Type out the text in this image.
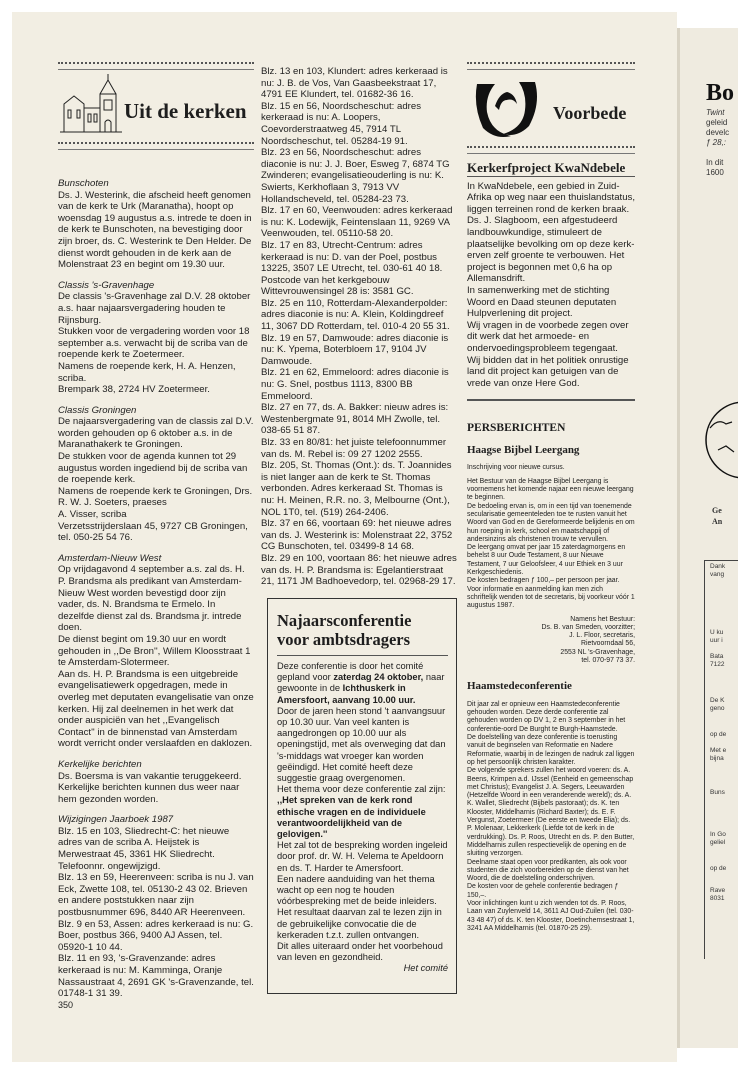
Uit de kerken
Bunschoten

Ds. J. Westerink, die afscheid heeft genomen van de kerk te Urk (Maranatha), hoopt op woensdag 19 augustus a.s. intrede te doen in de kerk te Bunschoten, na bevestiging door zijn broer, ds. C. Westerink te Den Helder. De dienst wordt gehouden in de kerk aan de Molenstraat 23 en begint om 19.30 uur.

Classis 's-Gravenhage

De classis 's-Gravenhage zal D.V. 28 oktober a.s. haar najaarsvergadering houden te Rijnsburg.

Stukken voor de vergadering worden voor 18 september a.s. verwacht bij de scriba van de roepende kerk te Zoetermeer.

Namens de roepende kerk, H. A. Henzen, scriba.

Brempark 38, 2724 HV Zoetermeer.

Classis Groningen

De najaarsvergadering van de classis zal D.V. worden gehouden op 6 oktober a.s. in de Maranathakerk te Groningen.

De stukken voor de agenda kunnen tot 29 augustus worden ingediend bij de scriba van de roepende kerk.

Namens de roepende kerk te Groningen, Drs. R. W. J. Soeters, praeses

A. Visser, scriba

Verzetsstrijderslaan 45, 9727 CB Groningen, tel. 050-25 54 76.

Amsterdam-Nieuw West

Op vrijdagavond 4 september a.s. zal ds. H. P. Brandsma als predikant van Amsterdam-Nieuw West worden bevestigd door zijn vader, ds. N. Brandsma te Ermelo. In dezelfde dienst zal ds. Brandsma jr. intrede doen.

De dienst begint om 19.30 uur en wordt gehouden in ,,De Bron'', Willem Kloosstraat 1 te Amsterdam-Slotermeer.

Aan ds. H. P. Brandsma is een uitgebreide evangelisatiewerk opgedragen, mede in overleg met deputaten evangelisatie van onze kerken. Hij zal deelnemen in het werk dat onder auspiciën van het ,,Evangelisch Contact'' in de binnenstad van Amsterdam wordt verricht onder verslaafden en daklozen.

Kerkelijke berichten

Ds. Boersma is van vakantie teruggekeerd. Kerkelijke berichten kunnen dus weer naar hem gezonden worden.

Wijzigingen Jaarboek 1987

Blz. 15 en 103, Sliedrecht-C: het nieuwe adres van de scriba A. Heijstek is Merwestraat 45, 3361 HK Sliedrecht. Telefoonnr. ongewijzigd.

Blz. 13 en 59, Heerenveen: scriba is nu J. van Eck, Zwette 108, tel. 05130-2 43 02. Brieven en andere poststukken naar zijn postbusnummer 696, 8440 AR Heerenveen.

Blz. 9 en 53, Assen: adres kerkeraad is nu: G. Boer, postbus 366, 9400 AJ Assen, tel. 05920-1 10 44.

Blz. 11 en 93, 's-Gravenzande: adres kerkeraad is nu: M. Kamminga, Oranje Nassaustraat 4, 2691 GK 's-Gravenzande, tel. 01748-1 31 39.

350

Blz. 13 en 103, Klundert: adres kerkeraad is nu: J. B. de Vos, Van Gaasbeekstraat 17, 4791 EE Klundert, tel. 01682-36 16.

Blz. 15 en 56, Noordscheschut: adres kerkeraad is nu: A. Loopers, Coevorderstraatweg 45, 7914 TL Noordscheschut, tel. 05284-19 91.

Blz. 23 en 56, Noordscheschut: adres diaconie is nu: J. J. Boer, Esweg 7, 6874 TG Zwinderen; evangelisatieouderling is nu: K. Swierts, Kerkhoflaan 3, 7913 VV Hollandscheveld, tel. 05284-23 73.

Blz. 17 en 60, Veenwouden: adres kerkeraad is nu: K. Lodewijk, Feintenslaan 11, 9269 VA Veenwouden, tel. 05110-58 20.

Blz. 17 en 83, Utrecht-Centrum: adres kerkeraad is nu: D. van der Poel, postbus 13225, 3507 LE Utrecht, tel. 030-61 40 18.

Postcode van het kerkgebouw Wittevrouwensingel 28 is: 3581 GC.

Blz. 25 en 110, Rotterdam-Alexanderpolder: adres diaconie is nu: A. Klein, Koldingdreef 11, 3067 DD Rotterdam, tel. 010-4 20 55 31.

Blz. 19 en 57, Damwoude: adres diaconie is nu: K. Ypema, Boterbloem 17, 9104 JV Damwoude.

Blz. 21 en 62, Emmeloord: adres diaconie is nu: G. Snel, postbus 1113, 8300 BB Emmeloord.

Blz. 27 en 77, ds. A. Bakker: nieuw adres is: Westenbergmate 91, 8014 MH Zwolle, tel. 038-65 51 87.

Blz. 33 en 80/81: het juiste telefoonnummer van ds. M. Rebel is: 09 27 1202 2555.

Blz. 205, St. Thomas (Ont.): ds. T. Joannides is niet langer aan de kerk te St. Thomas verbonden. Adres kerkeraad St. Thomas is nu: H. Meinen, R.R. no. 3, Melbourne (Ont.), NOL 1T0, tel. (519) 264-2406.

Blz. 37 en 66, voortaan 69: het nieuwe adres van ds. J. Westerink is: Molenstraat 22, 3752 CG Bunschoten, tel. 03499-8 14 68.

Blz. 29 en 100, voortaan 86: het nieuwe adres van ds. H. P. Brandsma is: Egelantierstraat 21, 1171 JM Badhoevedorp, tel. 02968-29 17.

Najaarsconferentie
voor ambtsdragers

Deze conferentie is door het comité gepland voor zaterdag 24 oktober, naar gewoonte in de Ichthuskerk in Amersfoort, aanvang 10.00 uur.

Door de jaren heen stond 't aanvangsuur op 10.30 uur. Van veel kanten is aangedrongen op 10.00 uur als openingstijd, met als overweging dat dan 's-middags wat vroeger kan worden geëindigd. Het comité heeft deze suggestie graag overgenomen.

Het thema voor deze conferentie zal zijn: ,,Het spreken van de kerk rond ethische vragen en de individuele verantwoordelijkheid van de gelovigen.''

Het zal tot de bespreking worden ingeleid door prof. dr. W. H. Velema te Apeldoorn en ds. T. Harder te Amersfoort.

Een nadere aanduiding van het thema wacht op een nog te houden vóórbespreking met de beide inleiders. Het resultaat daarvan zal te lezen zijn in de gebruikelijke convocatie die de kerkeraden t.z.t. zullen ontvangen.

Dit alles uiteraard onder het voorbehoud van leven en gezondheid.

Het comité

Voorbede
Kerkerfproject KwaNdebele

In KwaNdebele, een gebied in Zuid-Afrika op weg naar een thuislandstatus, liggen terreinen rond de kerken braak. Ds. J. Slagboom, een afgestudeerd landbouwkundige, stimuleert de plaatselijke bevolking om op deze kerk-erven zelf groente te verbouwen. Het project is begonnen met 0,6 ha op Allemansdrift.

In samenwerking met de stichting Woord en Daad steunen deputaten Hulpverlening dit project.

Wij vragen in de voorbede zegen over dit werk dat het armoede- en ondervoedingsprobleem tegengaat.

Wij bidden dat in het politiek onrustige land dit project kan getuigen van de vrede van onze Here God.

PERSBERICHTEN
Haagse Bijbel Leergang

Inschrijving voor nieuwe cursus.

Het Bestuur van de Haagse Bijbel Leergang is voornemens het komende najaar een nieuwe leergang te beginnen.

De bedoeling ervan is, om in een tijd van toenemende secularisatie gemeenteleden toe te rusten vanuit het Woord van God en de Gereformeerde belijdenis en om hun roeping in kerk, school en maatschappij of andersinzins als christenen trouw te vervullen.

De leergang omvat per jaar 15 zaterdagmorgens en behelst 8 uur Oude Testament, 8 uur Nieuwe Testament, 7 uur Geloofsleer, 4 uur Ethiek en 3 uur Kerkgeschiedenis.

De kosten bedragen ƒ 100,– per persoon per jaar.

Voor informatie en aanmelding kan men zich schriftelijk wenden tot de secretaris, bij voorkeur vóór 1 augustus 1987.

Namens het Bestuur:
Ds. B. van Smeden, voorzitter;
J. L. Floor, secretaris,
Rietvoorndaal 56,
2553 NL 's-Gravenhage,
tel. 070-97 73 37.
Haamstedeconferentie

Dit jaar zal er opnieuw een Haamstedeconferentie gehouden worden. Deze derde conferentie zal gehouden worden op DV 1, 2 en 3 september in het conferentie-oord De Burght te Burgh-Haamstede.

De doelstelling van deze conferentie is toerusting vanuit de beginselen van Reformatie en Nadere Reformatie, waarbij in de lezingen de nadruk zal liggen op het persoonlijk christen karakter.

De volgende sprekers zullen het woord voeren: ds. A. Beens, Krimpen a.d. IJssel (Eenheid en gemeenschap met Christus); Evangelist J. A. Segers, Leeuwarden (Hetzelfde Woord in een veranderende wereld); ds. A. K. Wallet, Sliedrecht (Bijbels pastoraat); ds. K. ten Klooster, Middelharnis (Richard Baxter); ds. E. F. Vergunst, Zoetermeer (De eerste en tweede Elia); ds. P. Molenaar, Lekkerkerk (Liefde tot de kerk in de verdrukking). Ds. P. Roos, Utrecht en ds. P. den Butter, Middelharnis zullen respectievelijk de opening en de sluiting verzorgen.

Deelname staat open voor predikanten, als ook voor studenten die zich voorbereiden op de dienst van het Woord, die de doelstelling onderschrijven.

De kosten voor de gehele conferentie bedragen ƒ 150,–.

Voor inlichtingen kunt u zich wenden tot ds. P. Roos, Laan van Zuylenveld 14, 3611 AJ Oud-Zuilen (tel. 030-43 48 47) of ds. K. ten Klooster, Doetinchemsestraat 1, 3241 AA Middelharnis (tel. 01870-25 29).

Bo
Twint
geleid
develc
ƒ 28,:
In dit
1600
Ge
An
Dank
vang
U ku
uur i
Bata
7122
De K
geno
op de
Met e
bijna
Buns
In Go
geliel
op de
Rave
8031
